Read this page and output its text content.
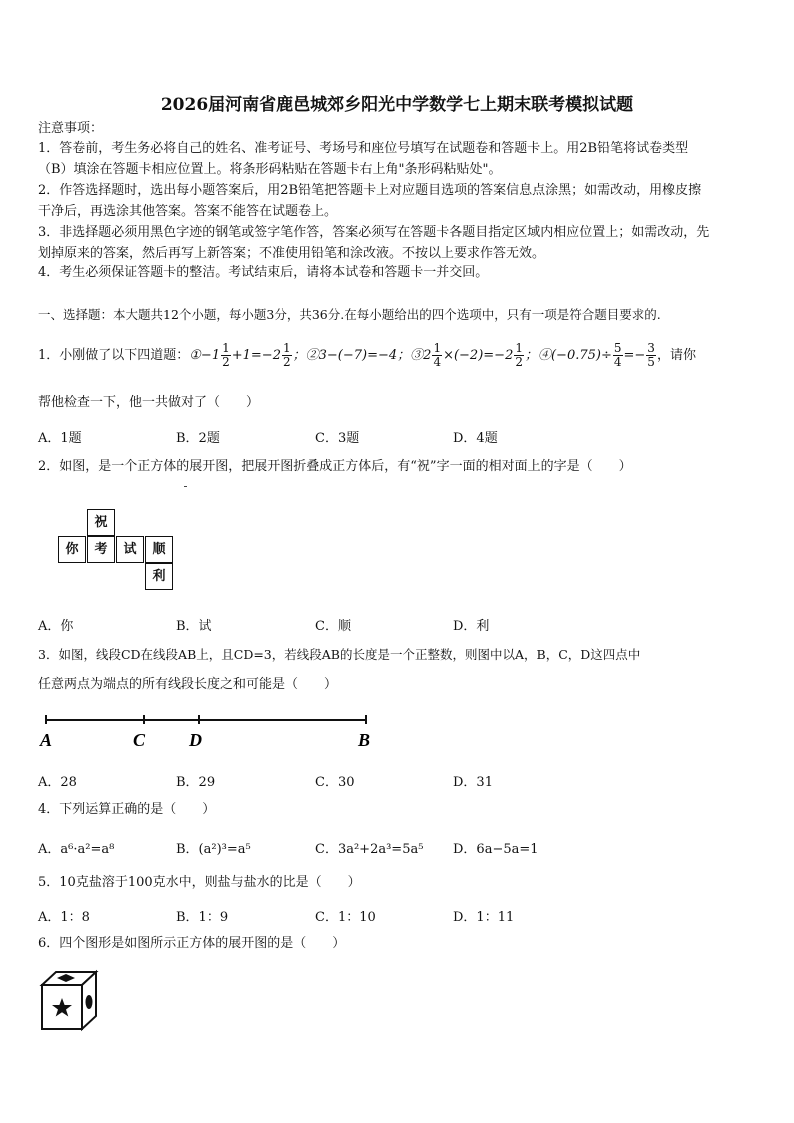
2026届河南省鹿邑城郊乡阳光中学数学七上期末联考模拟试题
注意事项：
1．答卷前，考生务必将自己的姓名、准考证号、考场号和座位号填写在试题卷和答题卡上。用2B铅笔将试卷类型
（B）填涂在答题卡相应位置上。将条形码粘贴在答题卡右上角"条形码粘贴处"。
2．作答选择题时，选出每小题答案后，用2B铅笔把答题卡上对应题目选项的答案信息点涂黑；如需改动，用橡皮擦
干净后，再选涂其他答案。答案不能答在试题卷上。
3．非选择题必须用黑色字迹的钢笔或签字笔作答，答案必须写在答题卡各题目指定区域内相应位置上；如需改动，先
划掉原来的答案，然后再写上新答案；不准使用铅笔和涂改液。不按以上要求作答无效。
4．考生必须保证答题卡的整洁。考试结束后，请将本试卷和答题卡一并交回。
一、选择题：本大题共12个小题，每小题3分，共36分.在每小题给出的四个选项中，只有一项是符合题目要求的.
1．小刚做了以下四道题：①−1 $\frac{1}{2} +1=-2 \frac{1}{2}$ ；②3−(−7)=−4；③2 $\frac{1}{4} \times(-2)=-2 \frac{1}{2}$ ；④(−0.75)÷ $\frac{5}{4} =- \frac{3}{5}$ ，请你
帮他检查一下，他一共做对了（　　）
A．1题	B．2题	C．3题	D．4题
2．如图，是一个正方体的展开图，把展开图折叠成正方体后，有“祝”字一面的相对面上的字是（　　）
祝
你	考	试	顺
利
A．你	B．试	C．顺	D．利
3．如图，线段CD在线段AB上，且CD=3，若线段AB的长度是一个正整数，则图中以A，B，C，D这四点中
任意两点为端点的所有线段长度之和可能是（　　）
A	C D	B
A．28	B．29	C．30	D．31
4．下列运算正确的是（　　）
A．a⁶·a²=a⁸	B．(a²)³=a⁵	C．3a²+2a³=5a⁵ D．6a−5a=1
5．10克盐溶于100克水中，则盐与盐水的比是（　　）
A．1：8	B．1：9	C．1：10	D．1：11
6．四个图形是如图所示正方体的展开图的是（　　）
